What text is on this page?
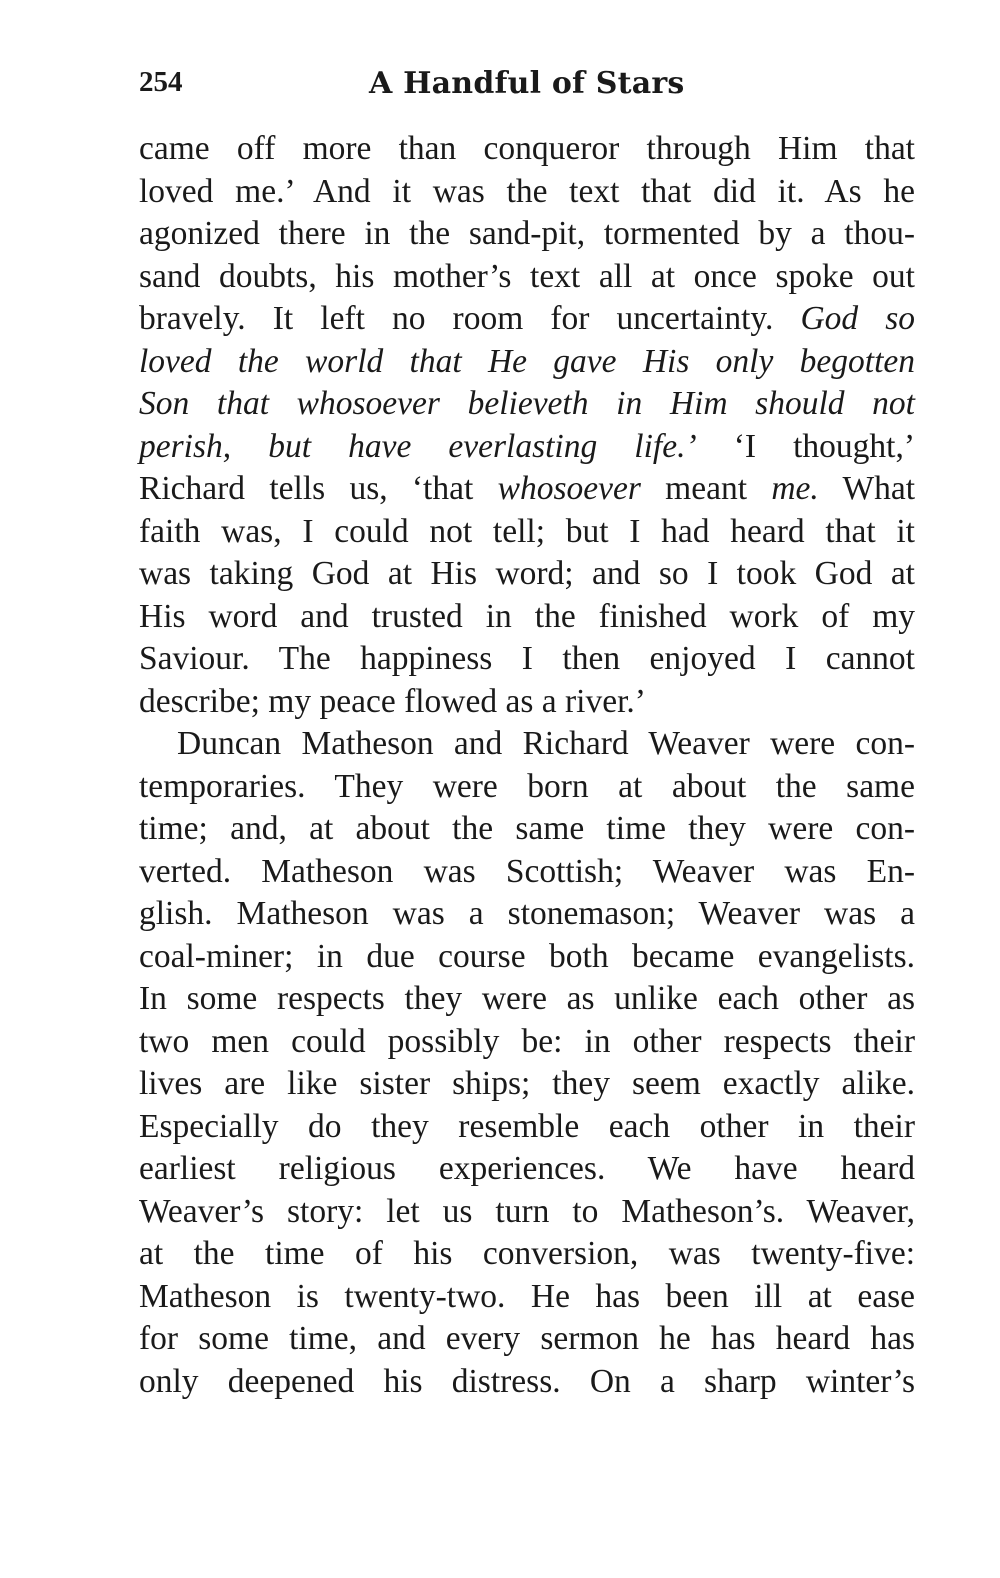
254	A Handful of Stars
came off more than conqueror through Him that
loved me.’ And it was the text that did it. As he
agonized there in the sand-pit, tormented by a thou-
sand doubts, his mother’s text all at once spoke out
bravely. It left no room for uncertainty. God so
loved the world that He gave His only begotten
Son that whosoever believeth in Him should not
perish, but have everlasting life.’ ‘I thought,’
Richard tells us, ‘that whosoever meant me. What
faith was, I could not tell; but I had heard that it
was taking God at His word; and so I took God at
His word and trusted in the finished work of my
Saviour. The happiness I then enjoyed I cannot
describe; my peace flowed as a river.’
Duncan Matheson and Richard Weaver were con-
temporaries. They were born at about the same
time; and, at about the same time they were con-
verted. Matheson was Scottish; Weaver was En-
glish. Matheson was a stonemason; Weaver was a
coal-miner; in due course both became evangelists.
In some respects they were as unlike each other as
two men could possibly be: in other respects their
lives are like sister ships; they seem exactly alike.
Especially do they resemble each other in their
earliest religious experiences. We have heard
Weaver’s story: let us turn to Matheson’s. Weaver,
at the time of his conversion, was twenty-five:
Matheson is twenty-two. He has been ill at ease
for some time, and every sermon he has heard has
only deepened his distress. On a sharp winter’s
